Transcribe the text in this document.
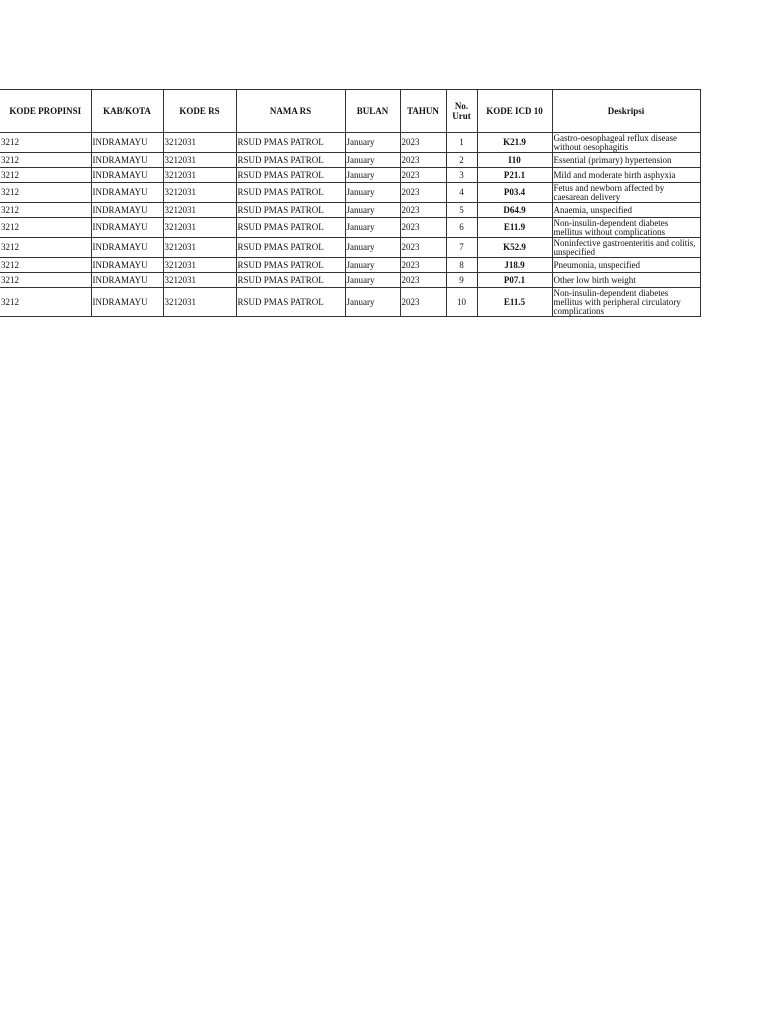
KODE PROPINSI	KAB/KOTA	KODE RS	NAMA RS	BULAN	TAHUN	No. Urut	KODE ICD 10	Deskripsi
3212	INDRAMAYU	3212031	RSUD PMAS PATROL	January	2023	1	K21.9	Gastro-oesophageal reflux disease without oesophagitis
3212	INDRAMAYU	3212031	RSUD PMAS PATROL	January	2023	2	I10	Essential (primary) hypertension
3212	INDRAMAYU	3212031	RSUD PMAS PATROL	January	2023	3	P21.1	Mild and moderate birth asphyxia
3212	INDRAMAYU	3212031	RSUD PMAS PATROL	January	2023	4	P03.4	Fetus and newborn affected by caesarean delivery
3212	INDRAMAYU	3212031	RSUD PMAS PATROL	January	2023	5	D64.9	Anaemia, unspecified
3212	INDRAMAYU	3212031	RSUD PMAS PATROL	January	2023	6	E11.9	Non-insulin-dependent diabetes mellitus without complications
3212	INDRAMAYU	3212031	RSUD PMAS PATROL	January	2023	7	K52.9	Noninfective gastroenteritis and colitis, unspecified
3212	INDRAMAYU	3212031	RSUD PMAS PATROL	January	2023	8	J18.9	Pneumonia, unspecified
3212	INDRAMAYU	3212031	RSUD PMAS PATROL	January	2023	9	P07.1	Other low birth weight
3212	INDRAMAYU	3212031	RSUD PMAS PATROL	January	2023	10	E11.5	Non-insulin-dependent diabetes mellitus with peripheral circulatory complications
